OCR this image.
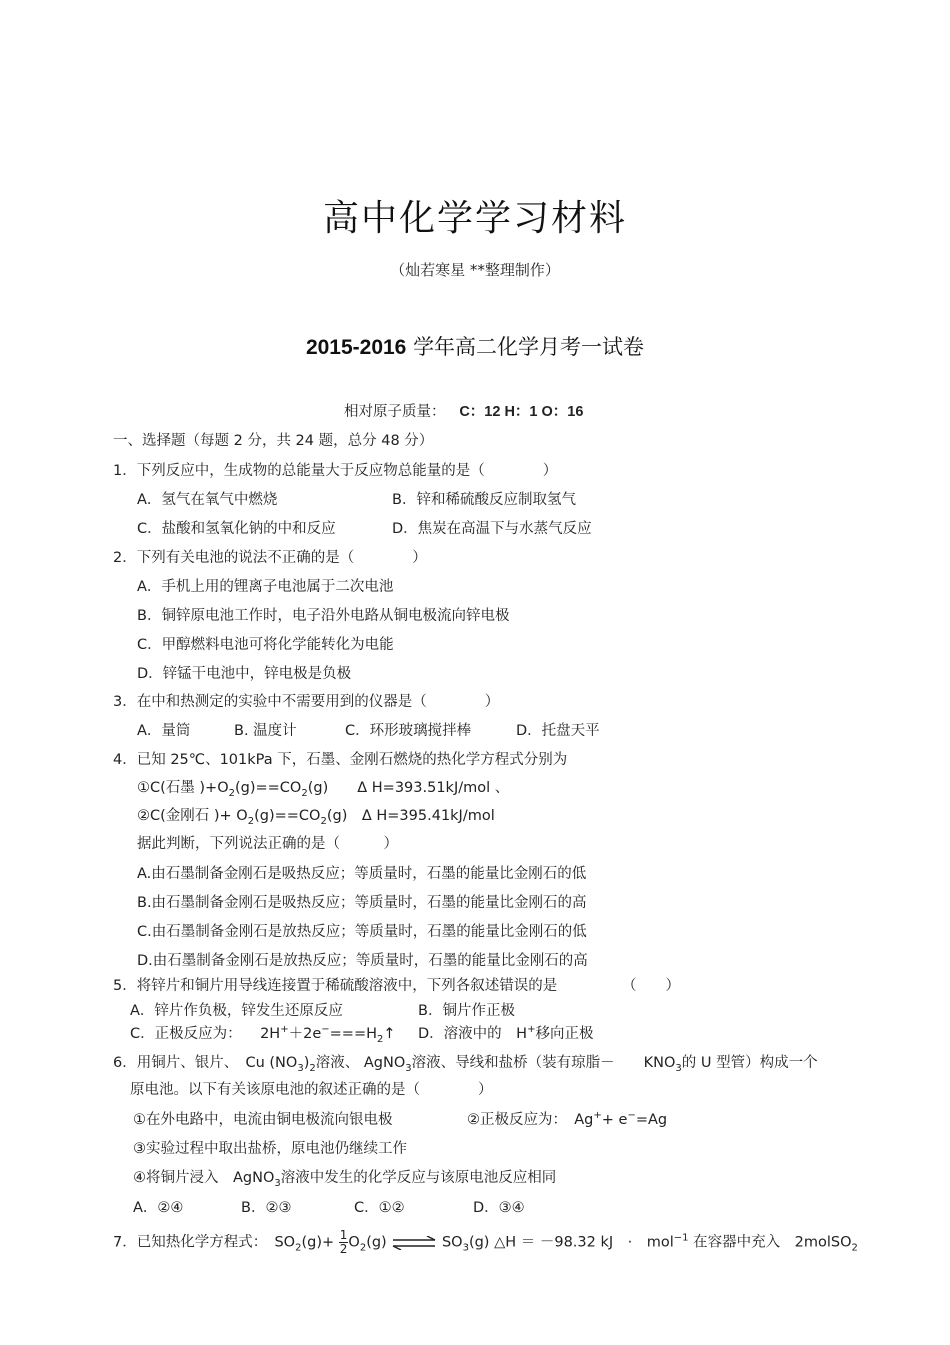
高中化学学习材料
（灿若寒星 **整理制作）
2015-2016 学年高二化学月考一试卷
相对原子质量： C：12 H：1 O：16
一、选择题（每题 2 分，共 24 题，总分 48 分）
1．下列反应中，生成物的总能量大于反应物总能量的是（　　　　）
A．氢气在氧气中燃烧	B．锌和稀硫酸反应制取氢气
C．盐酸和氢氧化钠的中和反应	D．焦炭在高温下与水蒸气反应
2．下列有关电池的说法不正确的是（　　　　）
A．手机上用的锂离子电池属于二次电池
B．铜锌原电池工作时，电子沿外电路从铜电极流向锌电极
C．甲醇燃料电池可将化学能转化为电能
D．锌锰干电池中，锌电极是负极
3．在中和热测定的实验中不需要用到的仪器是（　　　　）
A．量筒	B. 温度计	C．环形玻璃搅拌棒	D．托盘天平
4．已知 25℃、101kPa 下，石墨、金刚石燃烧的热化学方程式分别为
①C(石墨 )$+O_2(g)==CO_2(g)$　　Δ H=393.51kJ/mol 、
②C(金刚石 )+ $O_2(g)==CO_2(g)$　Δ H=395.41kJ/mol
据此判断，下列说法正确的是（　　　）
A.由石墨制备金刚石是吸热反应；等质量时，石墨的能量比金刚石的低
B.由石墨制备金刚石是吸热反应；等质量时，石墨的能量比金刚石的高
C.由石墨制备金刚石是放热反应；等质量时，石墨的能量比金刚石的低
D.由石墨制备金刚石是放热反应；等质量时，石墨的能量比金刚石的高
5．将锌片和铜片用导线连接置于稀硫酸溶液中，下列各叙述错误的是	（　　）
A．锌片作负极，锌发生还原反应	B．铜片作正极
C．正极反应为： $2H^++2e^-===H_2↑$ D．溶液中的　H+移向正极
6．用铜片、银片、　Cu $(NO_3)_2$溶液、 AgNO$_3$溶液、导线和盐桥（装有琼脂－　　$KNO_3$的 U 型管）构成一个
原电池。以下有关该原电池的叙述正确的是（　　　　）
①在外电路中，电流由铜电极流向银电极	②正极反应为：　Ag++ e−=Ag
③实验过程中取出盐桥，原电池仍继续工作
④将铜片浸入　AgNO$_3$溶液中发生的化学反应与该原电池反应相同
A．②④	B．②③	C．①②	D．③④
7．已知热化学方程式：　$SO_2(g)+ \frac{1}{2} O_2(g)$ ⇌ $SO_3(g)$ △H ＝ －98.32 kJ　·　mol$^{-1}$ 在容器中充入　2molSO$_2$
